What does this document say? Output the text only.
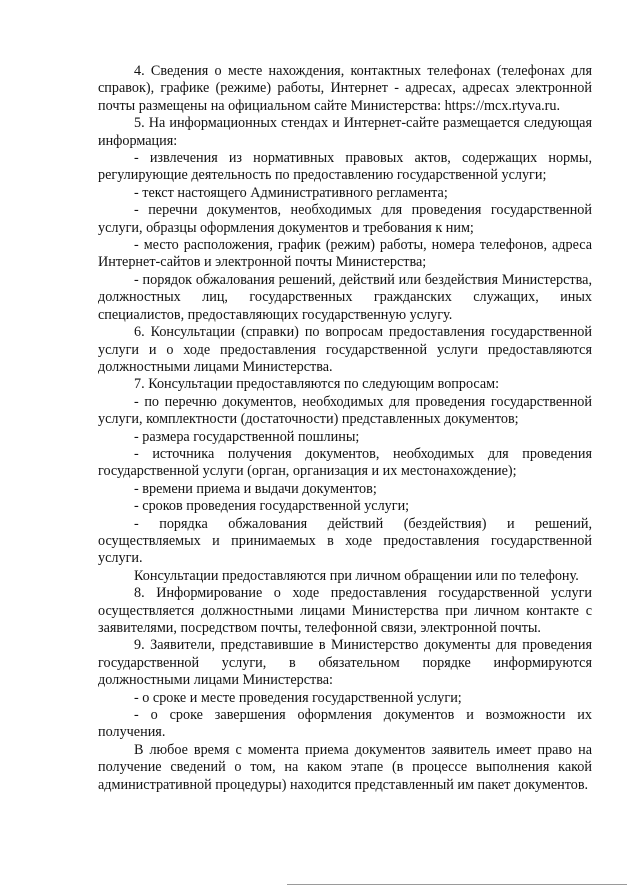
4. Сведения о месте нахождения, контактных телефонах (телефонах для справок), графике (режиме) работы, Интернет - адресах, адресах электронной почты размещены на официальном сайте Министерства: https://mcx.rtyva.ru.

5. На информационных стендах и Интернет-сайте размещается следующая информация:

- извлечения из нормативных правовых актов, содержащих нормы, регулирующие деятельность по предоставлению государственной услуги;

- текст настоящего Административного регламента;

- перечни документов, необходимых для проведения государственной услуги, образцы оформления документов и требования к ним;

- место расположения, график (режим) работы, номера телефонов, адреса Интернет-сайтов и электронной почты Министерства;

- порядок обжалования решений, действий или бездействия Министерства, должностных лиц, государственных гражданских служащих, иных специалистов, предоставляющих государственную услугу.

6. Консультации (справки) по вопросам предоставления государственной услуги и о ходе предоставления государственной услуги предоставляются должностными лицами Министерства.

7. Консультации предоставляются по следующим вопросам:

- по перечню документов, необходимых для проведения государственной услуги, комплектности (достаточности) представленных документов;

- размера государственной пошлины;

- источника получения документов, необходимых для проведения государственной услуги (орган, организация и их местонахождение);

- времени приема и выдачи документов;

- сроков проведения государственной услуги;

- порядка обжалования действий (бездействия) и решений, осуществляемых и принимаемых в ходе предоставления государственной услуги.

Консультации предоставляются при личном обращении или по телефону.

8. Информирование о ходе предоставления государственной услуги осуществляется должностными лицами Министерства при личном контакте с заявителями, посредством почты, телефонной связи, электронной почты.

9. Заявители, представившие в Министерство документы для проведения государственной услуги, в обязательном порядке информируются должностными лицами Министерства:

- о сроке и месте проведения государственной услуги;

- о сроке завершения оформления документов и возможности их получения.

В любое время с момента приема документов заявитель имеет право на получение сведений о том, на каком этапе (в процессе выполнения какой административной процедуры) находится представленный им пакет документов.
